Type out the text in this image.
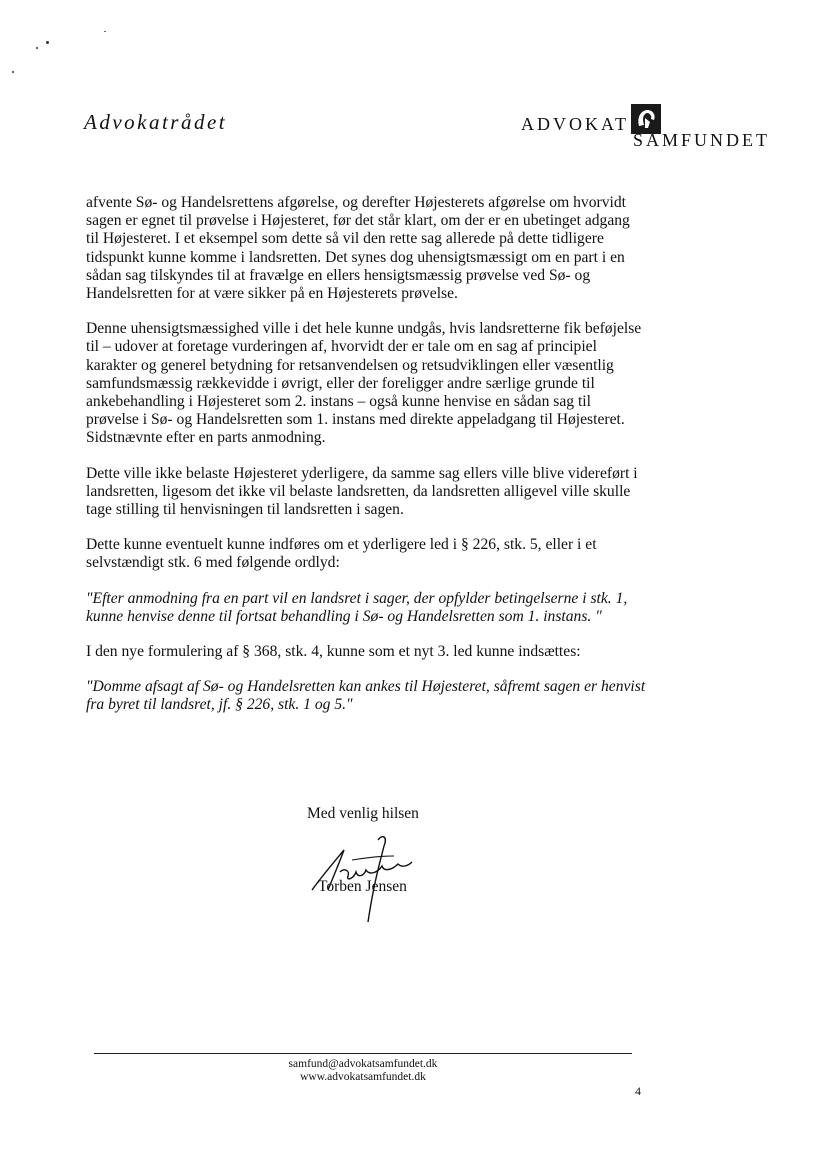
Advokatrådet	ADVOKAT
SAMFUNDET

afvente Sø- og Handelsrettens afgørelse, og derefter Højesterets afgørelse om hvorvidt sagen er egnet til prøvelse i Højesteret, før det står klart, om der er en ubetinget adgang til Højesteret. I et eksempel som dette så vil den rette sag allerede på dette tidligere tidspunkt kunne komme i landsretten. Det synes dog uhensigtsmæssigt om en part i en sådan sag tilskyndes til at fravælge en ellers hensigtsmæssig prøvelse ved Sø- og Handelsretten for at være sikker på en Højesterets prøvelse.

Denne uhensigtsmæssighed ville i det hele kunne undgås, hvis landsretterne fik beføjelse til – udover at foretage vurderingen af, hvorvidt der er tale om en sag af principiel karakter og generel betydning for retsanvendelsen og retsudviklingen eller væsentlig samfundsmæssig rækkevidde i øvrigt, eller der foreligger andre særlige grunde til ankebehandling i Højesteret som 2. instans – også kunne henvise en sådan sag til prøvelse i Sø- og Handelsretten som 1. instans med direkte appeladgang til Højesteret. Sidstnævnte efter en parts anmodning.

Dette ville ikke belaste Højesteret yderligere, da samme sag ellers ville blive videreført i landsretten, ligesom det ikke vil belaste landsretten, da landsretten alligevel ville skulle tage stilling til henvisningen til landsretten i sagen.

Dette kunne eventuelt kunne indføres om et yderligere led i § 226, stk. 5, eller i et selvstændigt stk. 6 med følgende ordlyd:

"Efter anmodning fra en part vil en landsret i sager, der opfylder betingelserne i stk. 1, kunne henvise denne til fortsat behandling i Sø- og Handelsretten som 1. instans. "

I den nye formulering af § 368, stk. 4, kunne som et nyt 3. led kunne indsættes:

"Domme afsagt af Sø- og Handelsretten kan ankes til Højesteret, såfremt sagen er henvist fra byret til landsret, jf. § 226, stk. 1 og 5."

Med venlig hilsen
Torben Jensen
samfund@advokatsamfundet.dk
www.advokatsamfundet.dk
4
